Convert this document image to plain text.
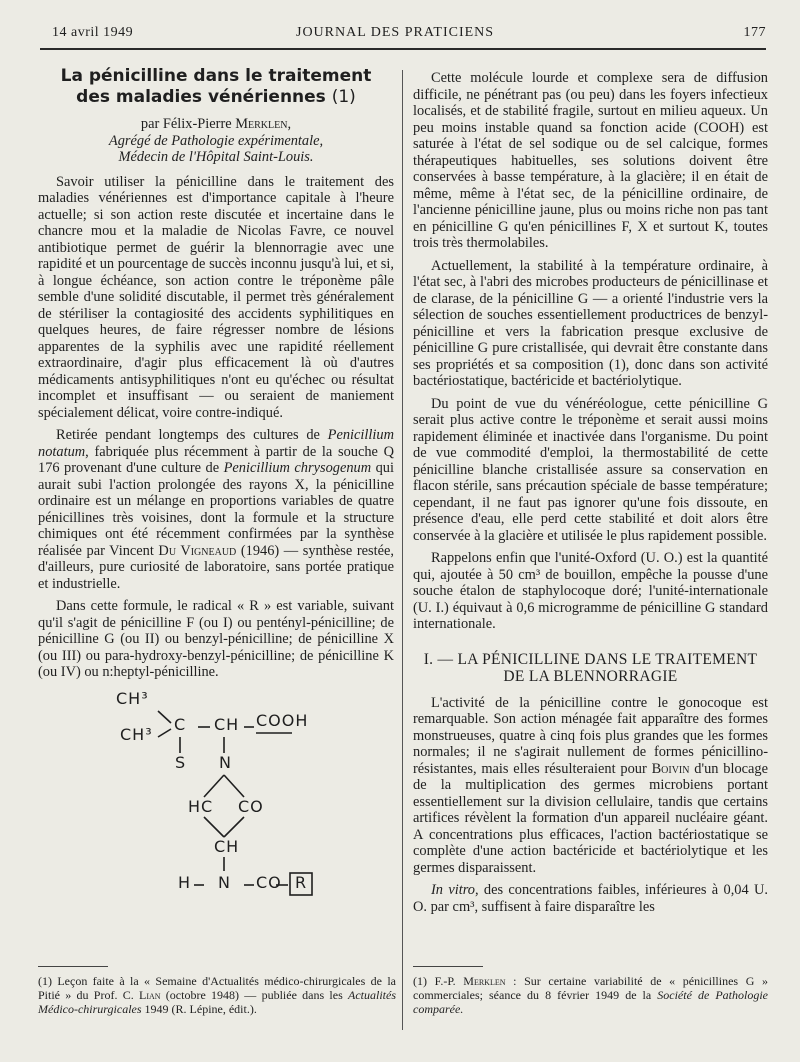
14 avril 1949	JOURNAL DES PRATICIENS	177
La pénicilline dans le traitement
des maladies vénériennes (1)

par Félix-Pierre Merklen,

Agrégé de Pathologie expérimentale,

Médecin de l'Hôpital Saint-Louis.

Savoir utiliser la pénicilline dans le traitement des maladies vénériennes est d'importance capitale à l'heure actuelle; si son action reste discutée et incertaine dans le chancre mou et la maladie de Nicolas Favre, ce nouvel antibiotique permet de guérir la blennorragie avec une rapidité et un pourcentage de succès inconnu jusqu'à lui, et si, à longue échéance, son action contre le tréponème pâle semble d'une solidité discutable, il permet très généralement de stériliser la contagiosité des accidents syphilitiques en quelques heures, de faire régresser nombre de lésions apparentes de la syphilis avec une rapidité réellement extraordinaire, d'agir plus efficacement là où d'autres médicaments antisyphilitiques n'ont eu qu'échec ou résultat incomplet et insuffisant — ou seraient de maniement spécialement délicat, voire contre-indiqué.

Retirée pendant longtemps des cultures de Penicillium notatum, fabriquée plus récemment à partir de la souche Q 176 provenant d'une culture de Penicillium chrysogenum qui aurait subi l'action prolongée des rayons X, la pénicilline ordinaire est un mélange en proportions variables de quatre pénicillines très voisines, dont la formule et la structure chimiques ont été récemment confirmées par la synthèse réalisée par Vincent Du Vigneaud (1946) — synthèse restée, d'ailleurs, pure curiosité de laboratoire, sans portée pratique et industrielle.

Dans cette formule, le radical « R » est variable, suivant qu'il s'agit de pénicilline F (ou I) ou pentényl-pénicilline; de pénicilline G (ou II) ou benzyl-pénicilline; de pénicilline X (ou III) ou para-hydroxy-benzyl-pénicilline; de pénicilline K (ou IV) ou n:heptyl-pénicilline.

CH³
CH³
C CH COOH
S N
HC CO
CH
H N CO R

Cette molécule lourde et complexe sera de diffusion difficile, ne pénétrant pas (ou peu) dans les foyers infectieux localisés, et de stabilité fragile, surtout en milieu aqueux. Un peu moins instable quand sa fonction acide (COOH) est saturée à l'état de sel sodique ou de sel calcique, formes thérapeutiques habituelles, ses solutions doivent être conservées à basse température, à la glacière; il en était de même, même à l'état sec, de la pénicilline ordinaire, de l'ancienne pénicilline jaune, plus ou moins riche non pas tant en pénicilline G qu'en pénicillines F, X et surtout K, toutes trois très thermolabiles.

Actuellement, la stabilité à la température ordinaire, à l'état sec, à l'abri des microbes producteurs de pénicillinase et de clarase, de la pénicilline G — a orienté l'industrie vers la sélection de souches essentiellement productrices de benzyl-pénicilline et vers la fabrication presque exclusive de pénicilline G pure cristallisée, qui devrait être constante dans ses propriétés et sa composition (1), donc dans son activité bactériostatique, bactéricide et bactériolytique.

Du point de vue du vénéréologue, cette pénicilline G serait plus active contre le tréponème et serait aussi moins rapidement éliminée et inactivée dans l'organisme. Du point de vue commodité d'emploi, la thermostabilité de cette pénicilline blanche cristallisée assure sa conservation en flacon stérile, sans précaution spéciale de basse température; cependant, il ne faut pas ignorer qu'une fois dissoute, en présence d'eau, elle perd cette stabilité et doit alors être conservée à la glacière et utilisée le plus rapidement possible.

Rappelons enfin que l'unité-Oxford (U. O.) est la quantité qui, ajoutée à 50 cm³ de bouillon, empêche la pousse d'une souche étalon de staphylocoque doré; l'unité-internationale (U. I.) équivaut à 0,6 microgramme de pénicilline G standard internationale.

I. — LA PÉNICILLINE DANS LE TRAITEMENT
DE LA BLENNORRAGIE

L'activité de la pénicilline contre le gonocoque est remarquable. Son action ménagée fait apparaître des formes monstrueuses, quatre à cinq fois plus grandes que les formes normales; il ne s'agirait nullement de formes pénicillino-résistantes, mais elles résulteraient pour Boivin d'un blocage de la multiplication des germes microbiens portant essentiellement sur la division cellulaire, tandis que certains artifices révèlent la formation d'un appareil nucléaire géant. A concentrations plus efficaces, l'action bactériostatique se complète d'une action bactéricide et bactériolytique et les germes disparaissent.

In vitro, des concentrations faibles, inférieures à 0,04 U. O. par cm³, suffisent à faire disparaître les

(1) Leçon faite à la « Semaine d'Actualités médico-chirurgicales de la Pitié » du Prof. C. Lian (octobre 1948) — publiée dans les Actualités Médico-chirurgicales 1949 (R. Lépine, édit.).
(1) F.-P. Merklen : Sur certaine variabilité de « pénicillines G » commerciales; séance du 8 février 1949 de la Société de Pathologie comparée.
